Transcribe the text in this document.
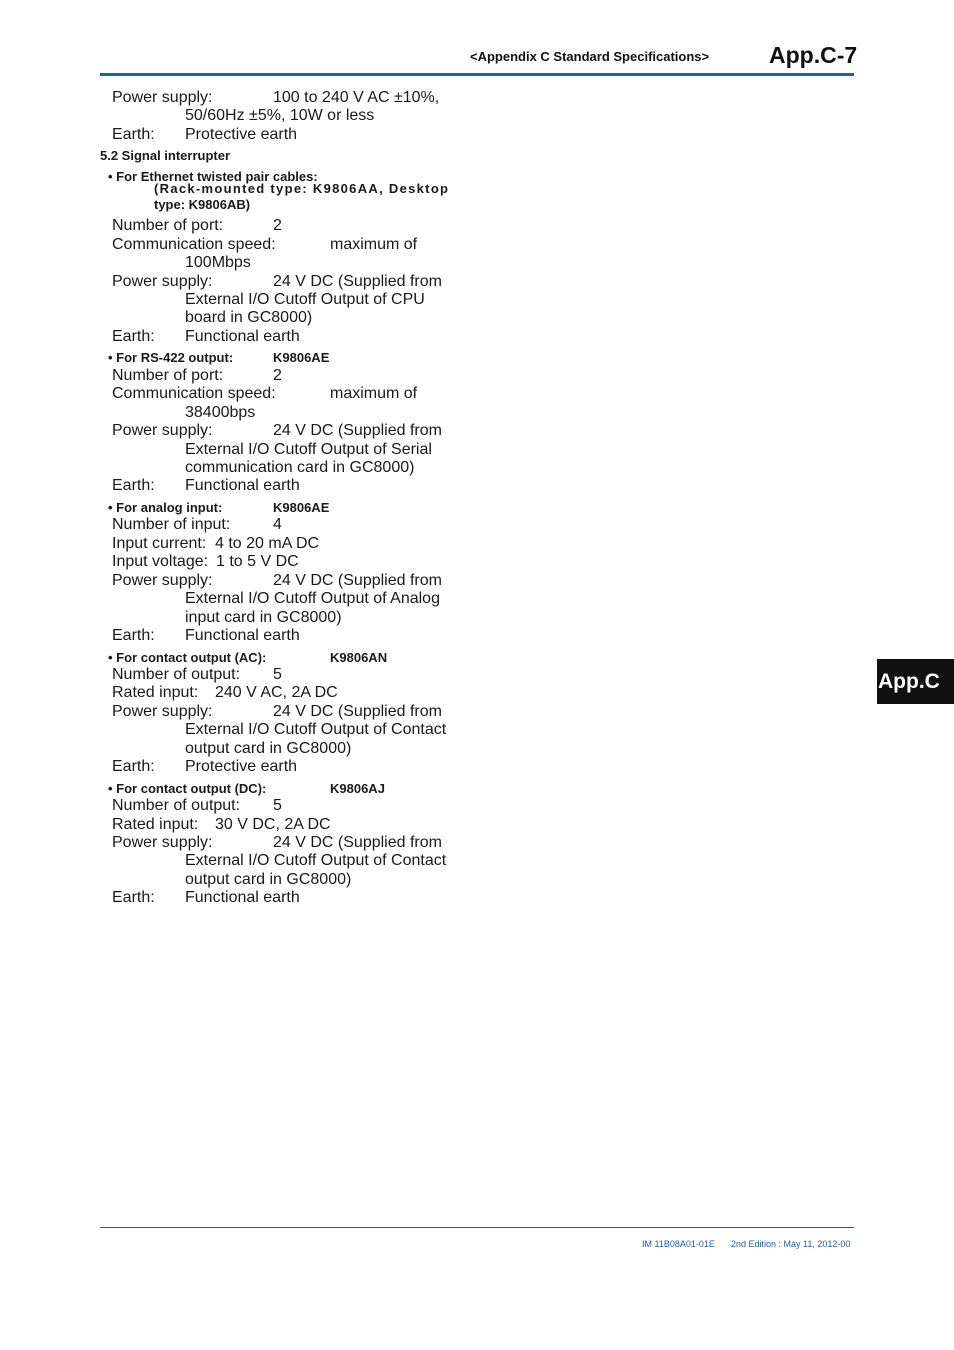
<Appendix C Standard Specifications>	App.C-7
App.C
Power supply:	100 to 240 V AC ±10%,
50/60Hz ±5%, 10W or less
Earth: Protective earth
5.2 Signal interrupter
• For Ethernet twisted pair cables:
(Rack-mounted type: K9806AA, Desktop
type: K9806AB)
Number of port:	2
Communication speed:	maximum of
100Mbps
Power supply:	24 V DC (Supplied from
External I/O Cutoff Output of CPU
board in GC8000)
Earth: Functional earth
• For RS-422 output:	K9806AE
Number of port:	2
Communication speed:	maximum of
38400bps
Power supply:	24 V DC (Supplied from
External I/O Cutoff Output of Serial
communication card in GC8000)
Earth: Functional earth
• For analog input:	K9806AE
Number of input:	4
Input current: 4 to 20 mA DC
Input voltage: 1 to 5 V DC
Power supply:	24 V DC (Supplied from
External I/O Cutoff Output of Analog
input card in GC8000)
Earth: Functional earth
• For contact output (AC):	K9806AN
Number of output: 5
Rated input: 240 V AC, 2A DC
Power supply:	24 V DC (Supplied from
External I/O Cutoff Output of Contact
output card in GC8000)
Earth: Protective earth
• For contact output (DC):	K9806AJ
Number of output: 5
Rated input: 30 V DC, 2A DC
Power supply:	24 V DC (Supplied from
External I/O Cutoff Output of Contact
output card in GC8000)
Earth: Functional earth
IM 11B08A01-01E 2nd Edition : May 11, 2012-00
